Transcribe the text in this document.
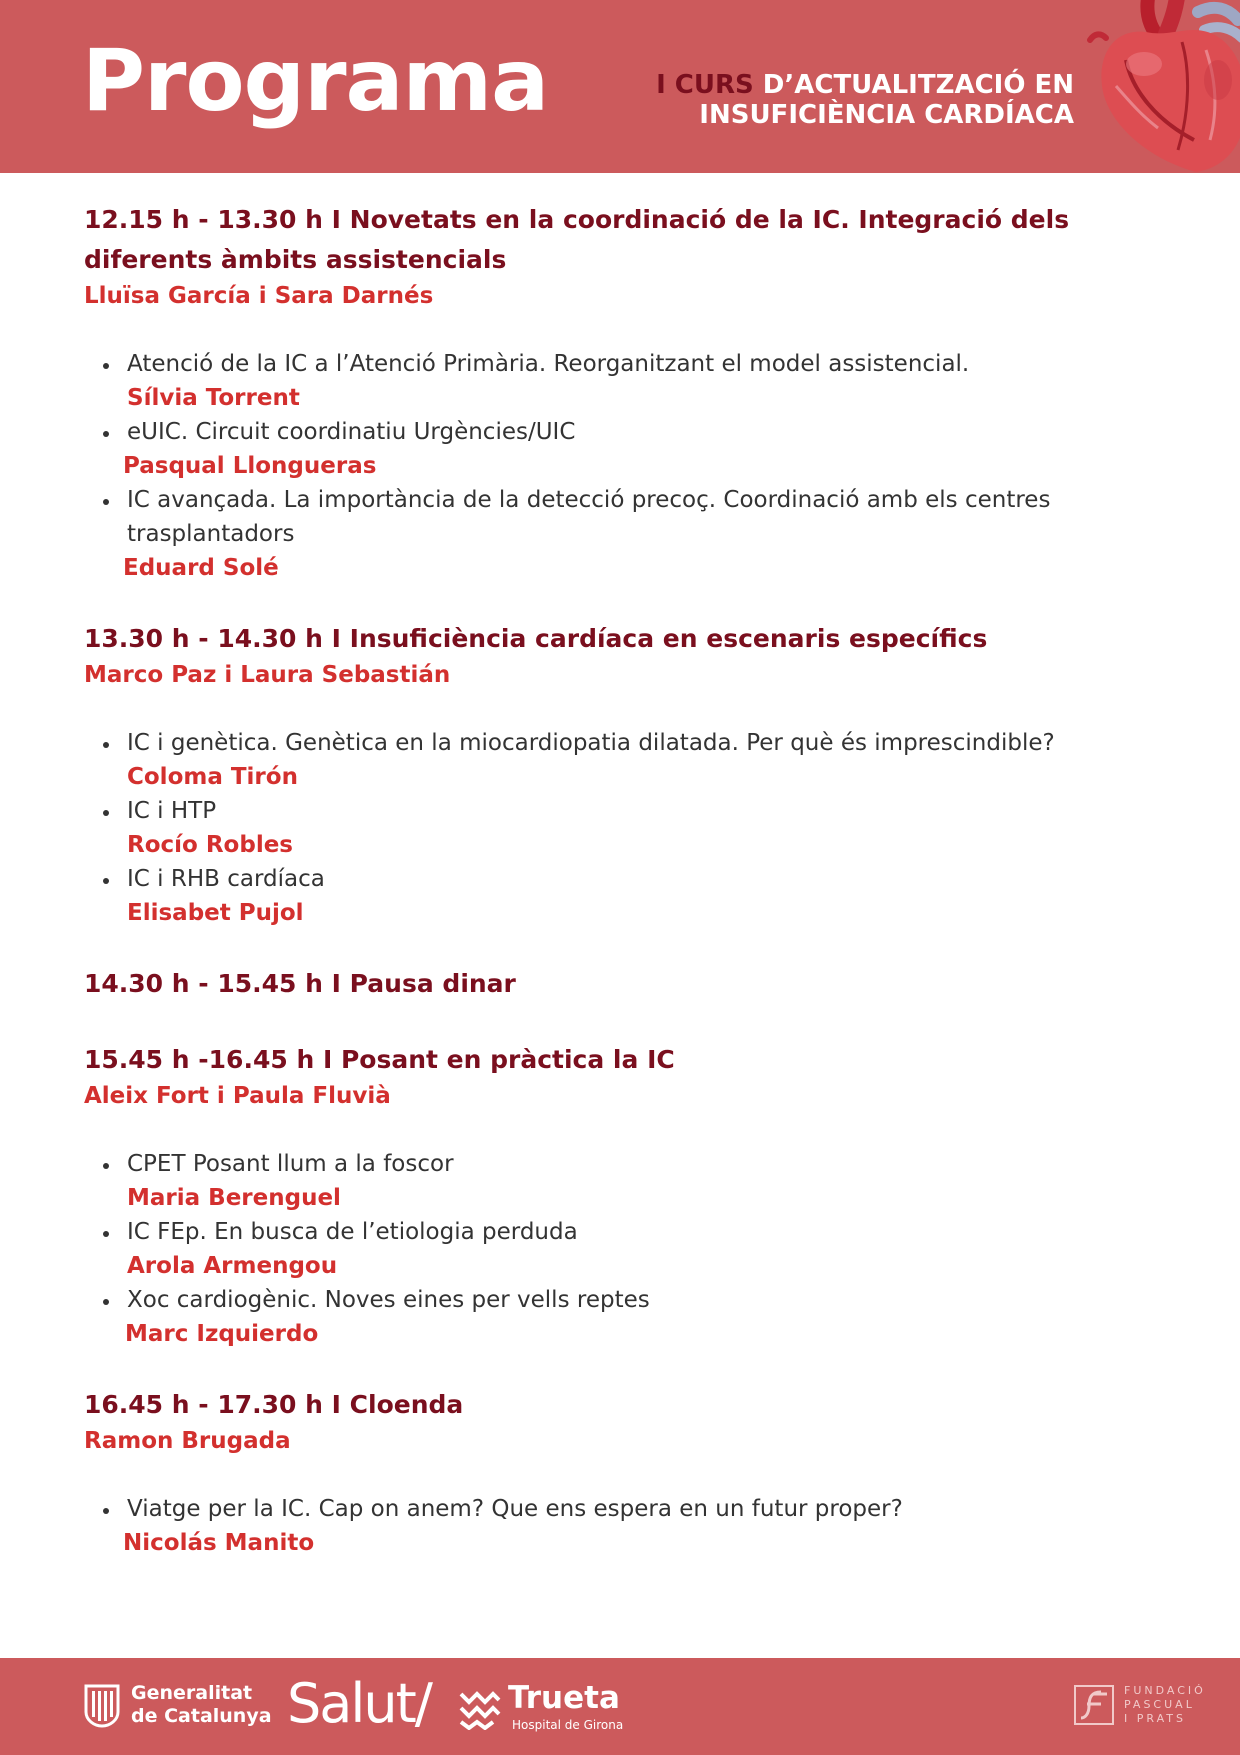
Programa	I CURS D’ACTUALITZACIÓ EN
INSUFICIÈNCIA CARDÍACA

12.15 h - 13.30 h I Novetats en la coordinació de la IC. Integració dels diferents àmbits assistencials

Lluïsa García i Sara Darnés

Atenció de la IC a l’Atenció Primària. Reorganitzant el model assistencial.
Sílvia Torrent
eUIC. Circuit coordinatiu Urgències/UIC
Pasqual Llongueras
IC avançada. La importància de la detecció precoç. Coordinació amb els centres trasplantadors
Eduard Solé

13.30 h - 14.30 h I Insuficiència cardíaca en escenaris específics

Marco Paz i Laura Sebastián

IC i genètica. Genètica en la miocardiopatia dilatada. Per què és imprescindible?
Coloma Tirón
IC i HTP
Rocío Robles
IC i RHB cardíaca
Elisabet Pujol

14.30 h - 15.45 h I Pausa dinar

15.45 h -16.45 h I Posant en pràctica la IC

Aleix Fort i Paula Fluvià

CPET Posant llum a la foscor
Maria Berenguel
IC FEp. En busca de l’etiologia perduda
Arola Armengou
Xoc cardiogènic. Noves eines per vells reptes
Marc Izquierdo

16.45 h - 17.30 h I Cloenda

Ramon Brugada

Viatge per la IC. Cap on anem? Que ens espera en un futur proper?
Nicolás Manito
Generalitat
de Catalunya Salut/ Trueta
Hospital de Girona
FUNDACIÓ
PASCUAL
I PRATS
